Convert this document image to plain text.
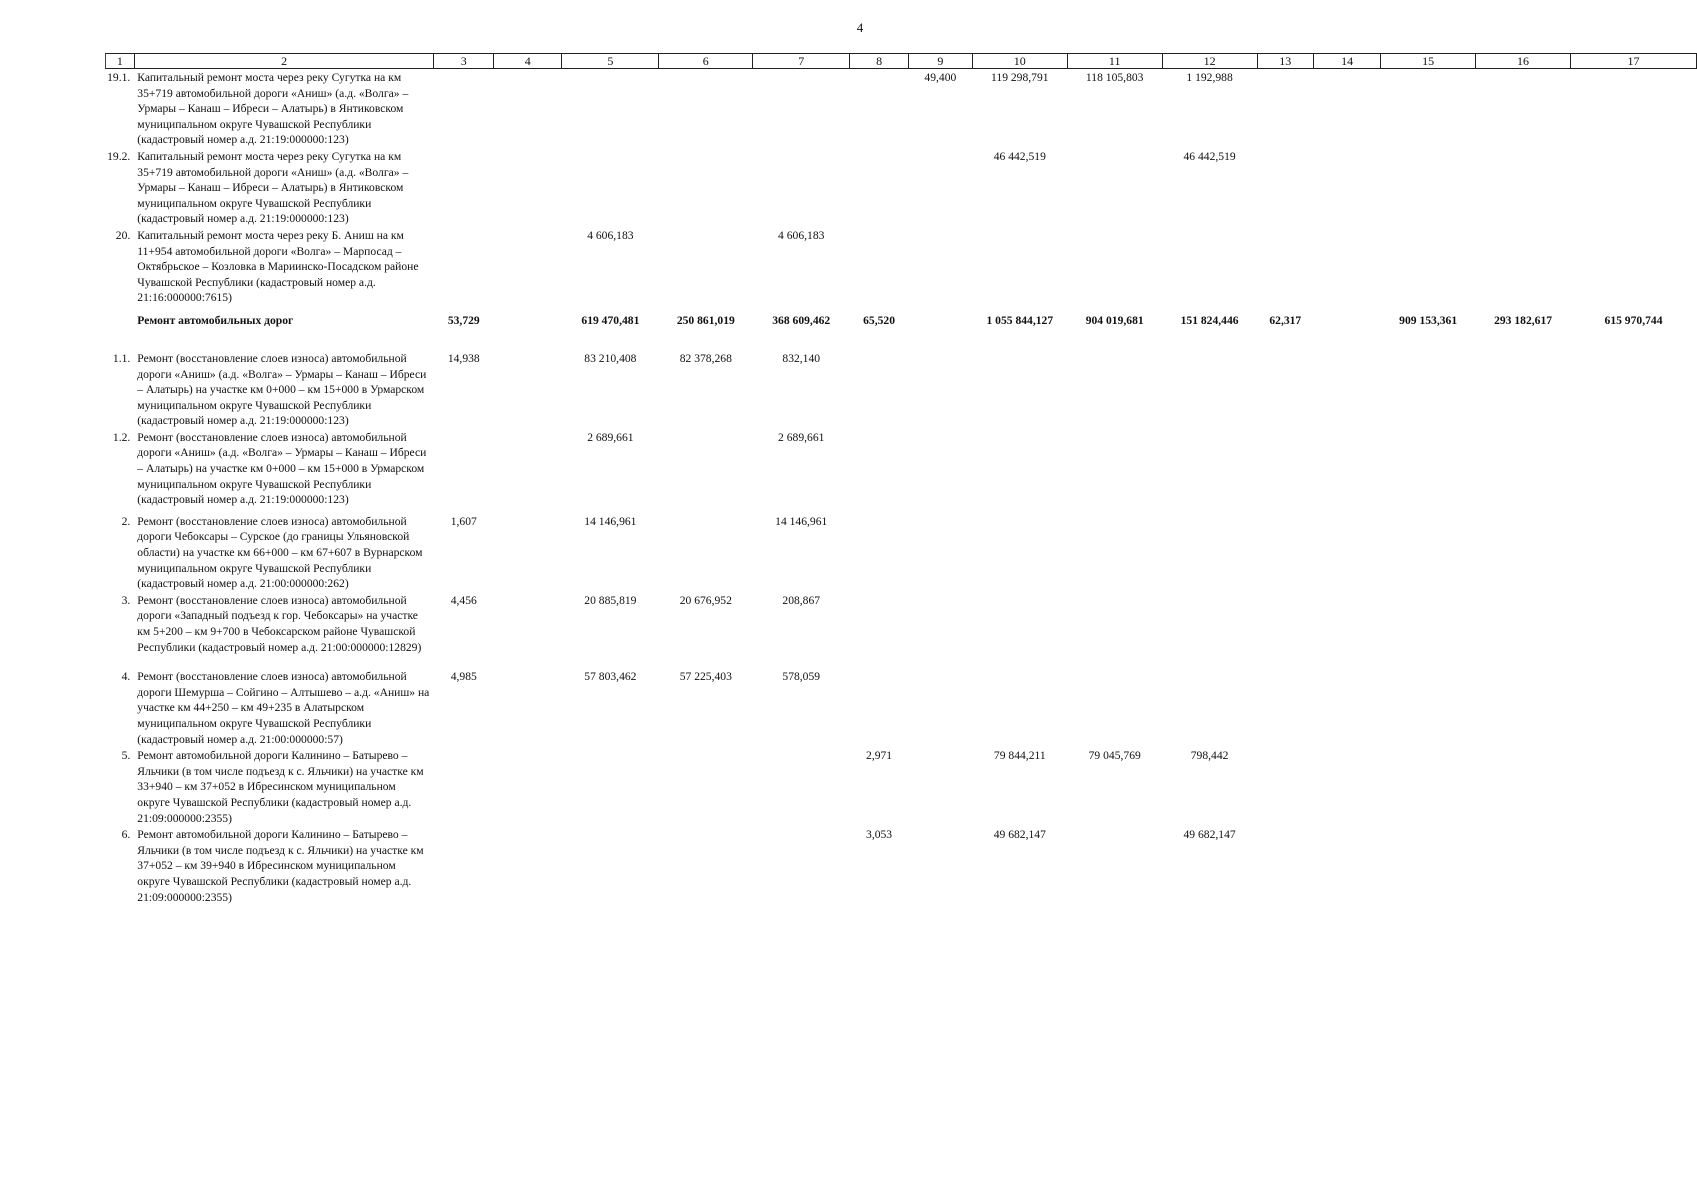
4
1	2	3	4	5	6	7	8	9	10	11	12	13	14	15	16	17
19.1.	Капитальный ремонт моста через реку Сугутка на км 35+719 автомобильной дороги «Аниш» (а.д. «Волга» – Урмары – Канаш – Ибреси – Алатырь) в Янтиковском муниципальном округе Чувашской Республики (кадастровый номер а.д. 21:19:000000:123)							49,400	119 298,791	118 105,803	1 192,988					
19.2.	Капитальный ремонт моста через реку Сугутка на км 35+719 автомобильной дороги «Аниш» (а.д. «Волга» – Урмары – Канаш – Ибреси – Алатырь) в Янтиковском муниципальном округе Чувашской Республики (кадастровый номер а.д. 21:19:000000:123)								46 442,519		46 442,519					
20.	Капитальный ремонт моста через реку Б. Аниш на км 11+954 автомобильной дороги «Волга» – Марпосад – Октябрьское – Козловка в Мариинско-Посадском районе Чувашской Республики (кадастровый номер а.д. 21:16:000000:7615)			4 606,183		4 606,183										
	Ремонт автомобильных дорог	53,729		619 470,481	250 861,019	368 609,462	65,520		1 055 844,127	904 019,681	151 824,446	62,317		909 153,361	293 182,617	615 970,744
1.1.	Ремонт (восстановление слоев износа) автомобильной дороги «Аниш» (а.д. «Волга» – Урмары – Канаш – Ибреси – Алатырь) на участке км 0+000 – км 15+000 в Урмарском муниципальном округе Чувашской Республики (кадастровый номер а.д. 21:19:000000:123)	14,938		83 210,408	82 378,268	832,140										
1.2.	Ремонт (восстановление слоев износа) автомобильной дороги «Аниш» (а.д. «Волга» – Урмары – Канаш – Ибреси – Алатырь) на участке км 0+000 – км 15+000 в Урмарском муниципальном округе Чувашской Республики (кадастровый номер а.д. 21:19:000000:123)			2 689,661		2 689,661										
2.	Ремонт (восстановление слоев износа) автомобильной дороги Чебоксары – Сурское (до границы Ульяновской области) на участке км 66+000 – км 67+607 в Вурнарском муниципальном округе Чувашской Республики (кадастровый номер а.д. 21:00:000000:262)	1,607		14 146,961		14 146,961										
3.	Ремонт (восстановление слоев износа) автомобильной дороги «Западный подъезд к гор. Чебоксары» на участке км 5+200 – км 9+700 в Чебоксарском районе Чувашской Республики (кадастровый номер а.д. 21:00:000000:12829)	4,456		20 885,819	20 676,952	208,867										
4.	Ремонт (восстановление слоев износа) автомобильной дороги Шемурша – Сойгино – Алтышево – а.д. «Аниш» на участке км 44+250 – км 49+235 в Алатырском муниципальном округе Чувашской Республики (кадастровый номер а.д. 21:00:000000:57)	4,985		57 803,462	57 225,403	578,059										
5.	Ремонт автомобильной дороги Калинино – Батырево – Яльчики (в том числе подъезд к с. Яльчики) на участке км 33+940 – км 37+052 в Ибресинском муниципальном округе Чувашской Республики (кадастровый номер а.д. 21:09:000000:2355)						2,971		79 844,211	79 045,769	798,442					
6.	Ремонт автомобильной дороги Калинино – Батырево – Яльчики (в том числе подъезд к с. Яльчики) на участке км 37+052 – км 39+940 в Ибресинском муниципальном округе Чувашской Республики (кадастровый номер а.д. 21:09:000000:2355)						3,053		49 682,147		49 682,147					
